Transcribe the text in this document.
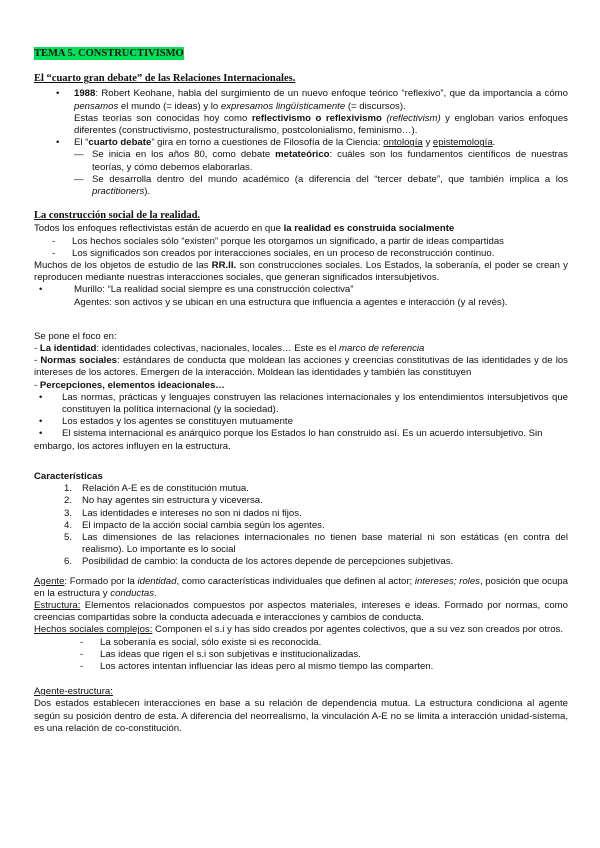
TEMA 5. CONSTRUCTIVISMO
El “cuarto gran debate” de las Relaciones Internacionales.
•	1988: Robert Keohane, habla del surgimiento de un nuevo enfoque teórico “reflexivo”, que da importancia a cómo pensamos el mundo (= ideas) y lo expresamos lingüísticamente (= discursos).
Estas teorías son conocidas hoy como reflectivismo o reflexivismo (reflectivism) y engloban varios enfoques diferentes (constructivismo, postestructuralismo, postcolonialismo, feminismo…).
•	El “cuarto debate” gira en torno a cuestiones de Filosofía de la Ciencia: ontología y epistemología.
— Se inicia en los años 80, como debate metateórico: cuáles son los fundamentos científicos de nuestras teorías, y cómo debemos elaborarlas.
— Se desarrolla dentro del mundo académico (a diferencia del “tercer debate”, que también implica a los practitioners).
La construcción social de la realidad.
Todos los enfoques reflectivistas están de acuerdo en que la realidad es construida socialmente
-	Los hechos sociales sólo “existen” porque les otorgamos un significado, a partir de ideas compartidas
-	Los significados son creados por interacciones sociales, en un proceso de reconstrucción continuo.
Muchos de los objetos de estudio de las RR.II. son construcciones sociales. Los Estados, la soberanía, el poder se crean y reproducen mediante nuestras interacciones sociales, que generan significados intersubjetivos.
•	Murillo: “La realidad social siempre es una construcción colectiva”
Agentes: son activos y se ubican en una estructura que influencia a agentes e interacción (y al revés).
Se pone el foco en:
- La identidad: identidades colectivas, nacionales, locales… Este es el marco de referencia
- Normas sociales: estándares de conducta que moldean las acciones y creencias constitutivas de las identidades y de los intereses de los actores. Emergen de la interacción. Moldean las identidades y también las constituyen
- Percepciones, elementos ideacionales…
•	Las normas, prácticas y lenguajes construyen las relaciones internacionales y los entendimientos intersubjetivos que constituyen la política internacional (y la sociedad).
•	Los estados y los agentes se constituyen mutuamente
•	El sistema internacional es anárquico porque los Estados lo han construido así. Es un acuerdo intersubjetivo. Sin embargo, los actores influyen en la estructura.
Características
1.	Relación A-E es de constitución mutua.
2.	No hay agentes sin estructura y viceversa.
3.	Las identidades e intereses no son ni dados ni fijos.
4.	El impacto de la acción social cambia según los agentes.
5.	Las dimensiones de las relaciones internacionales no tienen base material ni son estáticas (en contra del realismo). Lo importante es lo social
6.	Posibilidad de cambio: la conducta de los actores depende de percepciones subjetivas.
Agente: Formado por la identidad, como características individuales que definen al actor; intereses; roles, posición que ocupa en la estructura y conductas.
Estructura: Elementos relacionados compuestos por aspectos materiales, intereses e ideas. Formado por normas, como creencias compartidas sobre la conducta adecuada e interacciones y cambios de conducta.
Hechos sociales complejos: Componen el s.i y has sido creados por agentes colectivos, que a su vez son creados por otros.
-	La soberanía es social, sólo existe si es reconocida.
-	Las ideas que rigen el s.i son subjetivas e institucionalizadas.
-	Los actores intentan influenciar las ideas pero al mismo tiempo las comparten.
Agente-estructura:
Dos estados establecen interacciones en base a su relación de dependencia mutua. La estructura condiciona al agente según su posición dentro de esta. A diferencia del neorrealismo, la vinculación A-E no se limita a interacción unidad-sistema, es una relación de co-constitución.
